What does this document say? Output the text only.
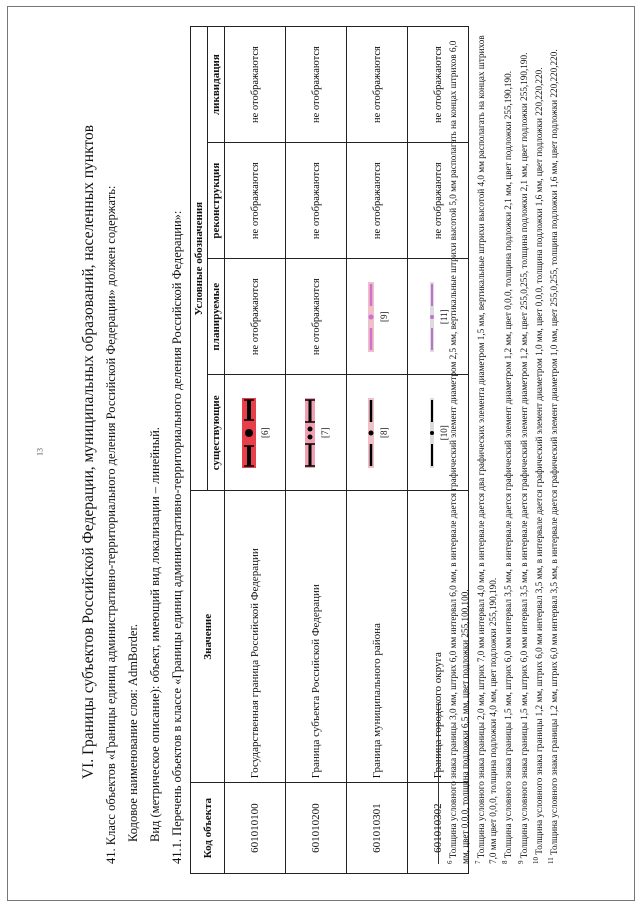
13 VI. Границы субъектов Российской Федерации, муниципальных образований, населенных пунктов 41. Класс объектов «Границы единиц административно-территориального деления Российской Федерации» должен содержать: Кодовое наименование слоя: AdmBorder. Вид (метрическое описание): объект, имеющий вид локализации – линейный. 41.1. Перечень объектов в классе «Границы единиц административно-территориального деления Российской Федерации»: Код объекта	Значение	Условные обозначения			
		существующие	планируемые	реконструкция	ликвидация
601010100	Государственная граница Российской Федерации	[6]	не отображаются	не отображаются	не отображаются
601010200	Граница субъекта Российской Федерации	[7]	не отображаются	не отображаются	не отображаются
601010301	Граница муниципального района	[8]	[9]	не отображаются	не отображаются
601010302	Граница городского округа	[10]	[11]	не отображаются	не отображаются

$^6$ Толщина условного знака границы 3,0 мм, штрих 6,0 мм интервал 6,0 мм, в интервале дается графический элемент диаметром 2,5 мм, вертикальные штрихи высотой 5,0 мм располагать на концах штрихов 6,0 мм, цвет 0,0,0, толщина подложки 6,5 мм, цвет подложки 255,100,100. $^7$ Толщина условного знака границы 2,0 мм, штрих 7,0 мм интервал 4,0 мм, в интервале дается два графических элемента диаметром 1,5 мм, вертикальные штрихи высотой 4,0 мм располагать на концах штрихов 7,0 мм цвет 0,0,0, толщина подложки 4,0 мм, цвет подложки 255,190,190. $^8$ Толщина условного знака границы 1,5 мм, штрих 6,0 мм интервал 3,5 мм, в интервале дается графический элемент диаметром 1,2 мм, цвет 0,0,0, толщина подложки 2,1 мм, цвет подложки 255,190,190.

$^9$ Толщина условного знака границы 1,5 мм, штрих 6,0 мм интервал 3,5 мм, в интервале дается графический элемент диаметром 1,2 мм, цвет 255,0,255, толщина подложки 2,1 мм, цвет подложки 255,190,190.

$^{10}$ Толщина условного знака границы 1,2 мм, штрих 6,0 мм интервал 3,5 мм, в интервале дается графический элемент диаметром 1,0 мм, цвет 0,0,0, толщина подложки 1,6 мм, цвет подложки 220,220,220.

$^{11}$ Толщина условного знака границы 1,2 мм, штрих 6,0 мм интервал 3,5 мм, в интервале дается графический элемент диаметром 1,0 мм, цвет 255,0,255, толщина подложки 1,6 мм, цвет подложки 220,220,220.
